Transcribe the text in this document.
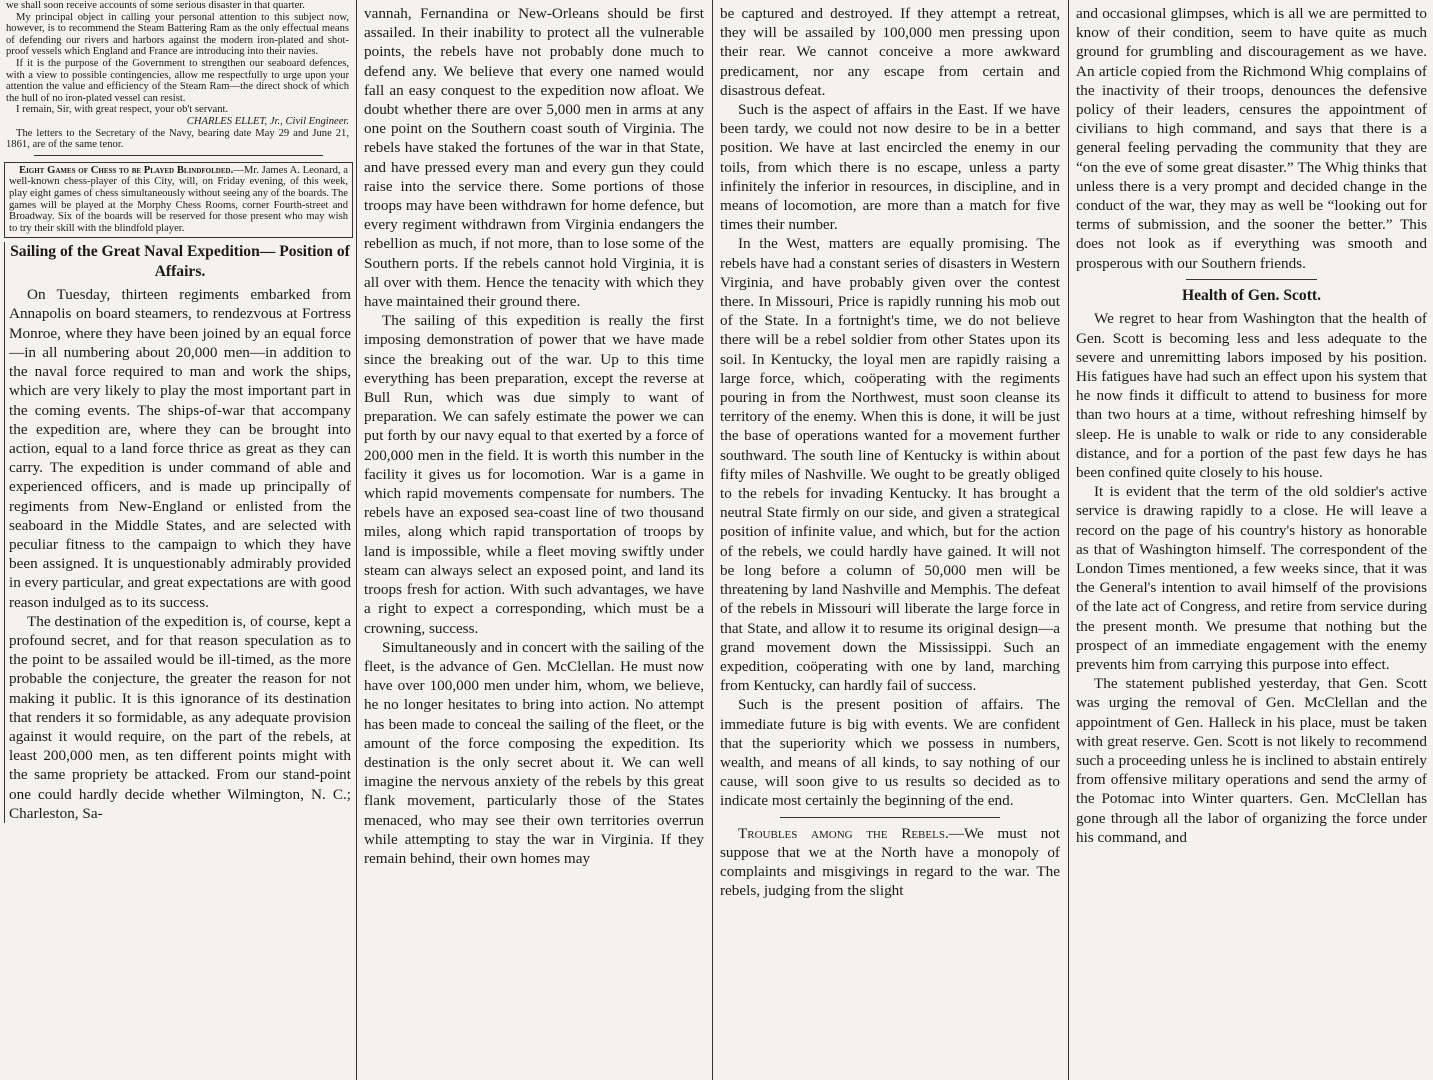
we shall soon receive accounts of some serious disaster in that quarter.

My principal object in calling your personal attention to this subject now, however, is to recommend the Steam Battering Ram as the only effectual means of defending our rivers and harbors against the modern iron-plated and shot-proof vessels which England and France are introducing into their navies.

If it is the purpose of the Government to strengthen our seaboard defences, with a view to possible contingencies, allow me respectfully to urge upon your attention the value and efficiency of the Steam Ram—the direct shock of which the hull of no iron-plated vessel can resist.

I remain, Sir, with great respect, your ob't servant.

CHARLES ELLET, Jr., Civil Engineer.

The letters to the Secretary of the Navy, bearing date May 29 and June 21, 1861, are of the same tenor.

Eight Games of Chess to be Played Blindfolded.—Mr. James A. Leonard, a well-known chess-player of this City, will, on Friday evening, of this week, play eight games of chess simultaneously without seeing any of the boards. The games will be played at the Morphy Chess Rooms, corner Fourth-street and Broadway. Six of the boards will be reserved for those present who may wish to try their skill with the blindfold player.

Sailing of the Great Naval Expedition— Position of Affairs.

On Tuesday, thirteen regiments embarked from Annapolis on board steamers, to rendezvous at Fortress Monroe, where they have been joined by an equal force—in all numbering about 20,000 men—in addition to the naval force required to man and work the ships, which are very likely to play the most important part in the coming events. The ships-of-war that accompany the expedition are, where they can be brought into action, equal to a land force thrice as great as they can carry. The expedition is under command of able and experienced officers, and is made up principally of regiments from New-England or enlisted from the seaboard in the Middle States, and are selected with peculiar fitness to the campaign to which they have been assigned. It is unquestionably admirably provided in every particular, and great expectations are with good reason indulged as to its success.

The destination of the expedition is, of course, kept a profound secret, and for that reason speculation as to the point to be assailed would be ill-timed, as the more probable the conjecture, the greater the reason for not making it public. It is this ignorance of its destination that renders it so formidable, as any adequate provision against it would require, on the part of the rebels, at least 200,000 men, as ten different points might with the same propriety be attacked. From our stand-point one could hardly decide whether Wilmington, N. C.; Charleston, Sa-

vannah, Fernandina or New-Orleans should be first assailed. In their inability to protect all the vulnerable points, the rebels have not probably done much to defend any. We believe that every one named would fall an easy conquest to the expedition now afloat. We doubt whether there are over 5,000 men in arms at any one point on the Southern coast south of Virginia. The rebels have staked the fortunes of the war in that State, and have pressed every man and every gun they could raise into the service there. Some portions of those troops may have been withdrawn for home defence, but every regiment withdrawn from Virginia endangers the rebellion as much, if not more, than to lose some of the Southern ports. If the rebels cannot hold Virginia, it is all over with them. Hence the tenacity with which they have maintained their ground there.

The sailing of this expedition is really the first imposing demonstration of power that we have made since the breaking out of the war. Up to this time everything has been preparation, except the reverse at Bull Run, which was due simply to want of preparation. We can safely estimate the power we can put forth by our navy equal to that exerted by a force of 200,000 men in the field. It is worth this number in the facility it gives us for locomotion. War is a game in which rapid movements compensate for numbers. The rebels have an exposed sea-coast line of two thousand miles, along which rapid transportation of troops by land is impossible, while a fleet moving swiftly under steam can always select an exposed point, and land its troops fresh for action. With such advantages, we have a right to expect a corresponding, which must be a crowning, success.

Simultaneously and in concert with the sailing of the fleet, is the advance of Gen. McClellan. He must now have over 100,000 men under him, whom, we believe, he no longer hesitates to bring into action. No attempt has been made to conceal the sailing of the fleet, or the amount of the force composing the expedition. Its destination is the only secret about it. We can well imagine the nervous anxiety of the rebels by this great flank movement, particularly those of the States menaced, who may see their own territories overrun while attempting to stay the war in Virginia. If they remain behind, their own homes may

be captured and destroyed. If they attempt a retreat, they will be assailed by 100,000 men pressing upon their rear. We cannot conceive a more awkward predicament, nor any escape from certain and disastrous defeat.

Such is the aspect of affairs in the East. If we have been tardy, we could not now desire to be in a better position. We have at last encircled the enemy in our toils, from which there is no escape, unless a party infinitely the inferior in resources, in discipline, and in means of locomotion, are more than a match for five times their number.

In the West, matters are equally promising. The rebels have had a constant series of disasters in Western Virginia, and have probably given over the contest there. In Missouri, Price is rapidly running his mob out of the State. In a fortnight's time, we do not believe there will be a rebel soldier from other States upon its soil. In Kentucky, the loyal men are rapidly raising a large force, which, coöperating with the regiments pouring in from the Northwest, must soon cleanse its territory of the enemy. When this is done, it will be just the base of operations wanted for a movement further southward. The south line of Kentucky is within about fifty miles of Nashville. We ought to be greatly obliged to the rebels for invading Kentucky. It has brought a neutral State firmly on our side, and given a strategical position of infinite value, and which, but for the action of the rebels, we could hardly have gained. It will not be long before a column of 50,000 men will be threatening by land Nashville and Memphis. The defeat of the rebels in Missouri will liberate the large force in that State, and allow it to resume its original design—a grand movement down the Mississippi. Such an expedition, coöperating with one by land, marching from Kentucky, can hardly fail of success.

Such is the present position of affairs. The immediate future is big with events. We are confident that the superiority which we possess in numbers, wealth, and means of all kinds, to say nothing of our cause, will soon give to us results so decided as to indicate most certainly the beginning of the end.

Troubles among the Rebels.—We must not suppose that we at the North have a monopoly of complaints and misgivings in regard to the war. The rebels, judging from the slight

and occasional glimpses, which is all we are permitted to know of their condition, seem to have quite as much ground for grumbling and discouragement as we have. An article copied from the Richmond Whig complains of the inactivity of their troops, denounces the defensive policy of their leaders, censures the appointment of civilians to high command, and says that there is a general feeling pervading the community that they are “on the eve of some great disaster.” The Whig thinks that unless there is a very prompt and decided change in the conduct of the war, they may as well be “looking out for terms of submission, and the sooner the better.” This does not look as if everything was smooth and prosperous with our Southern friends.

Health of Gen. Scott.

We regret to hear from Washington that the health of Gen. Scott is becoming less and less adequate to the severe and unremitting labors imposed by his position. His fatigues have had such an effect upon his system that he now finds it difficult to attend to business for more than two hours at a time, without refreshing himself by sleep. He is unable to walk or ride to any considerable distance, and for a portion of the past few days he has been confined quite closely to his house.

It is evident that the term of the old soldier's active service is drawing rapidly to a close. He will leave a record on the page of his country's history as honorable as that of Washington himself. The correspondent of the London Times mentioned, a few weeks since, that it was the General's intention to avail himself of the provisions of the late act of Congress, and retire from service during the present month. We presume that nothing but the prospect of an immediate engagement with the enemy prevents him from carrying this purpose into effect.

The statement published yesterday, that Gen. Scott was urging the removal of Gen. McClellan and the appointment of Gen. Halleck in his place, must be taken with great reserve. Gen. Scott is not likely to recommend such a proceeding unless he is inclined to abstain entirely from offensive military operations and send the army of the Potomac into Winter quarters. Gen. McClellan has gone through all the labor of organizing the force under his command, and
